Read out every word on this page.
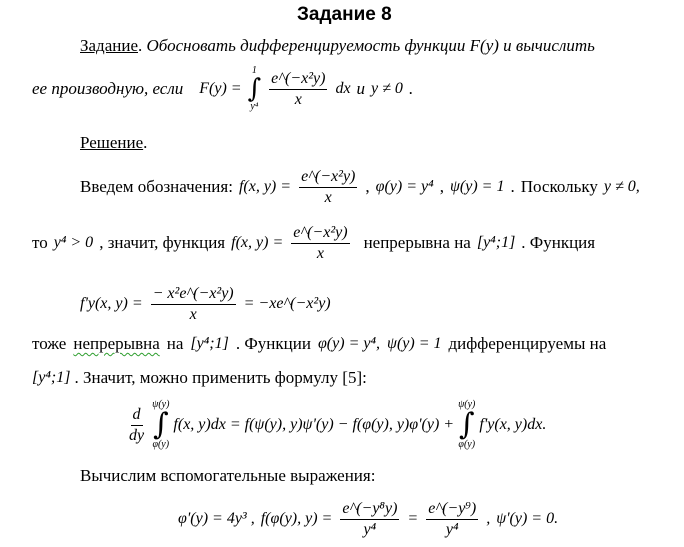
Задание 8
Задание. Обосновать дифференцируемость функции F(y) и вычислить
ее производную, если F(y) =
1
∫
$y^4 \frac{\text{e\textasciicircum{}(−x²y)}}{x}$ dx и y ≠ 0 .
Решение.
Введем обозначения: f(x, $y) = \frac{\text{e\textasciicircum{}(−x²y)}}{x}$ , φ(y) = y⁴ , ψ(y) = 1 . Поскольку y ≠ 0,
то y⁴ > 0 , значит, функция f(x, $y) = \frac{\text{e\textasciicircum{}(−x²y)}}{x}$ непрерывна на [y⁴;1] . Функция
f'y(x, $y) = \frac{\text{− x²e\textasciicircum{}(−x²y)}}{x}$ = −xe^(−x²y)
тоже непрерывна на [y⁴;1] . Функции φ(y) = y⁴, ψ(y) = 1 дифференцируемы на
[y⁴;1] . Значит, можно применить формулу [5]:
$\frac{d}{dy}$
ψ(y)
∫
φ(y)
f(x, y)dx = f(ψ(y), y)ψ'(y) − f(φ(y), y)φ'(y) +
ψ(y)
∫
φ(y)
f'y(x, y)dx.
Вычислим вспомогательные выражения:
φ'(y) = 4y³ , f(φ(y), $y) = \frac{\text{e\textasciicircum{}(−y⁸y)}}{\text{y⁴}} = \frac{\text{e\textasciicircum{}(−y⁹)}}{\text{y⁴}}$ , ψ'(y) = 0.
